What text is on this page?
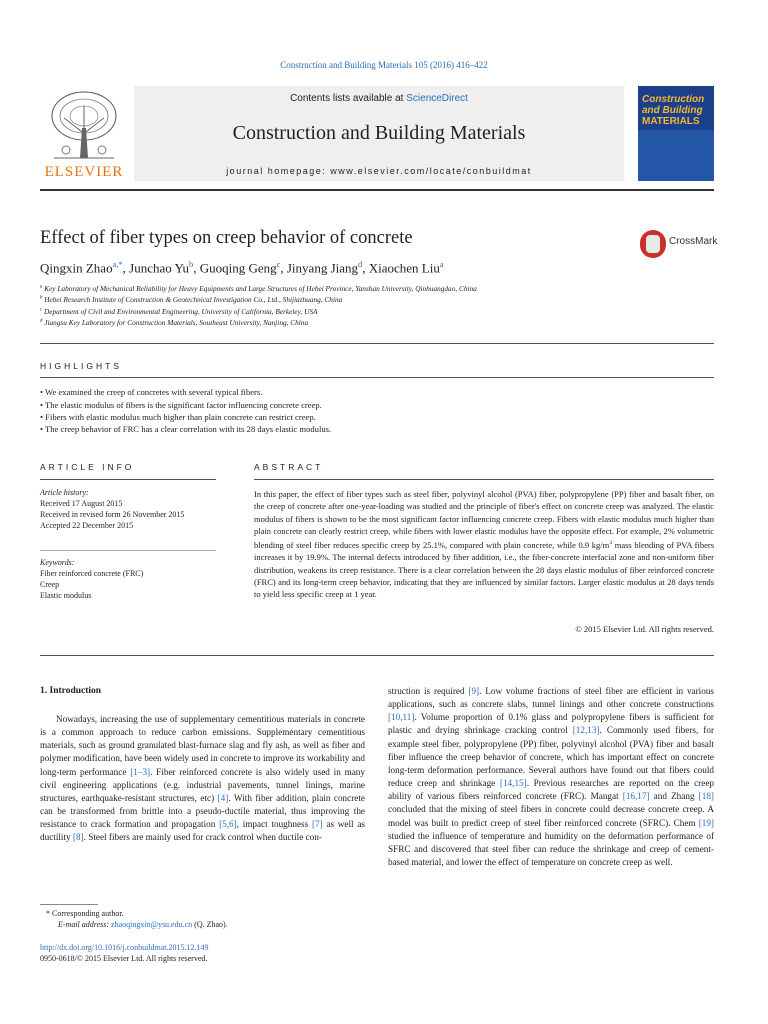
Construction and Building Materials 105 (2016) 416–422
ELSEVIER
Contents lists available at ScienceDirect
Construction and Building Materials
journal homepage: www.elsevier.com/locate/conbuildmat
Construction
and Building
MATERIALS
Effect of fiber types on creep behavior of concrete	CrossMark
Qingxin Zhao$^{a,*}$, Junchao Yu$^b$, Guoqing Geng$^c$, Jinyang Jiang$^d$, Xiaochen Liu$^a$
$^a$ Key Laboratory of Mechanical Reliability for Heavy Equipments and Large Structures of Hebei Province, Yanshan University, Qinhuangdao, China
$^b$ Hebei Research Institute of Construction & Geotechnical Investigation Co., Ltd., Shijiazhuang, China
$^c$ Department of Civil and Environmental Engineering, University of California, Berkeley, USA
$^d$ Jiangsu Key Laboratory for Construction Materials, Southeast University, Nanjing, China
HIGHLIGHTS
• We examined the creep of concretes with several typical fibers.
• The elastic modulus of fibers is the significant factor influencing concrete creep.
• Fibers with elastic modulus much higher than plain concrete can restrict creep.
• The creep behavior of FRC has a clear correlation with its 28 days elastic modulus.
ARTICLE INFO
Article history:
Received 17 August 2015
Received in revised form 26 November 2015
Accepted 22 December 2015
Keywords:
Fiber reinforced concrete (FRC)
Creep
Elastic modulus
ABSTRACT
In this paper, the effect of fiber types such as steel fiber, polyvinyl alcohol (PVA) fiber, polypropylene (PP) fiber and basalt fiber, on the creep of concrete after one-year-loading was studied and the principle of fiber's effect on concrete creep was analyzed. The elastic modulus of fibers is shown to be the most significant factor influencing concrete creep. Fibers with elastic modulus much higher than plain concrete can clearly restrict creep, while fibers with lower elastic modulus have the opposite effect. For example, 2% volumetric blending of steel fiber reduces specific creep by 25.1%, compared with plain concrete, while 0.9 $kg/m^3$ mass blending of PVA fibers increases it by 19.9%. The internal defects introduced by fiber addition, i.e., the fiber-concrete interfacial zone and non-uniform fiber distribution, weakens its creep resistance. There is a clear correlation between the 28 days elastic modulus of fiber reinforced concrete (FRC) and its long-term creep behavior, indicating that they are influenced by similar factors. Larger elastic modulus at 28 days tends to yield less specific creep at 1 year.
© 2015 Elsevier Ltd. All rights reserved.
1. Introduction

Nowadays, increasing the use of supplementary cementitious materials in concrete is a common approach to reduce carbon emissions. Supplementary cementitious materials, such as ground granulated blast-furnace slag and fly ash, as well as fiber and polymer modification, have been widely used in concrete to improve its workability and long-term performance [1–3]. Fiber reinforced concrete is also widely used in many civil engineering applications (e.g. industrial pavements, tunnel linings, marine structures, earthquake-resistant structures, etc) [4]. With fiber addition, plain concrete can be transformed from brittle into a pseudo-ductile material, thus improving the resistance to crack formation and propagation [5,6], impact toughness [7] as well as ductility [8]. Steel fibers are mainly used for crack control when ductile con-

struction is required [9]. Low volume fractions of steel fiber are efficient in various applications, such as concrete slabs, tunnel linings and other concrete constructions [10,11]. Volume proportion of 0.1% glass and polypropylene fibers is sufficient for plastic and drying shrinkage cracking control [12,13]. Commonly used fibers, for example steel fiber, polypropylene (PP) fiber, polyvinyl alcohol (PVA) fiber and basalt fiber influence the creep behavior of concrete, which has important effect on concrete long-term deformation performance. Several authors have found out that fibers could reduce creep and shrinkage [14,15]. Previous researches are reported on the creep ability of various fibers reinforced concrete (FRC). Mangat [16,17] and Zhang [18] concluded that the mixing of steel fibers in concrete could decrease concrete creep. A model was built to predict creep of steel fiber reinforced concrete (SFRC). Chem [19] studied the influence of temperature and humidity on the deformation performance of SFRC and discovered that steel fiber can reduce the shrinkage and creep of cement-based material, and lower the effect of temperature on concrete creep as well.

* Corresponding author.
E-mail address: zhaoqingxin@ysu.edu.cn (Q. Zhao).
http://dx.doi.org/10.1016/j.conbuildmat.2015.12.149
0950-0618/© 2015 Elsevier Ltd. All rights reserved.
